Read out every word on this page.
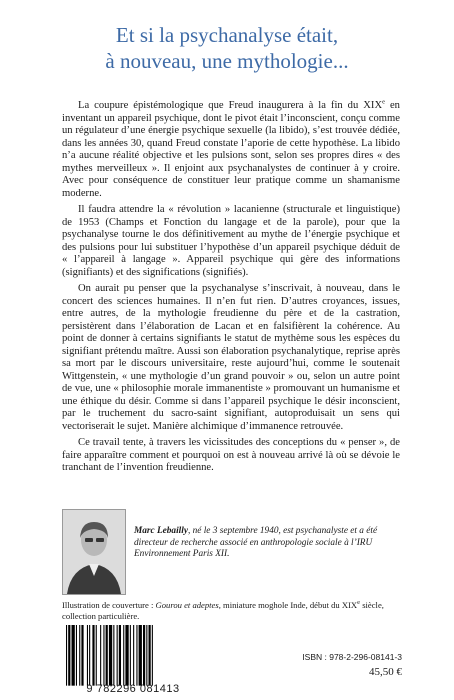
Et si la psychanalyse était,
à nouveau, une mythologie...

La coupure épistémologique que Freud inaugurera à la fin du XIXe en inventant un appareil psychique, dont le pivot était l’inconscient, conçu comme un régulateur d’une énergie psychique sexuelle (la libido), s’est trouvée dédiée, dans les années 30, quand Freud constate l’aporie de cette hypothèse. La libido n’a aucune réalité objective et les pulsions sont, selon ses propres dires « des mythes merveilleux ». Il enjoint aux psychanalystes de continuer à y croire. Avec pour conséquence de constituer leur pratique comme un shamanisme moderne.

Il faudra attendre la « révolution » lacanienne (structurale et linguistique) de 1953 (Champs et Fonction du langage et de la parole), pour que la psychanalyse tourne le dos définitivement au mythe de l’énergie psychique et des pulsions pour lui substituer l’hypothèse d’un appareil psychique déduit de « l’appareil à langage ». Appareil psychique qui gère des informations (signifiants) et des significations (signifiés).

On aurait pu penser que la psychanalyse s’inscrivait, à nouveau, dans le concert des sciences humaines. Il n’en fut rien. D’autres croyances, issues, entre autres, de la mythologie freudienne du père et de la castration, persistèrent dans l’élaboration de Lacan et en falsifièrent la cohérence. Au point de donner à certains signifiants le statut de mythème sous les espèces du signifiant prétendu maître. Aussi son élaboration psychanalytique, reprise après sa mort par le discours universitaire, reste aujourd’hui, comme le soutenait Wittgenstein, « une mythologie d’un grand pouvoir » ou, selon un autre point de vue, une « philosophie morale immanentiste » promouvant un humanisme et une éthique du désir. Comme si dans l’appareil psychique le désir inconscient, par le truchement du sacro-saint signifiant, autoproduisait un sens qui vectoriserait le sujet. Manière alchimique d’immanence retrouvée.

Ce travail tente, à travers les vicissitudes des conceptions du « penser », de faire apparaître comment et pourquoi on est à nouveau arrivé là où se dévoie le tranchant de l’invention freudienne.

Marc Lebailly, né le 3 septembre 1940, est psychanalyste et a été directeur de recherche associé en anthropologie sociale à l’IRU Environnement Paris XII.
Illustration de couverture : Gourou et adeptes, miniature moghole Inde, début du XIXe siècle, collection particulière.
9 782296 081413
ISBN : 978-2-296-08141-3
45,50 €
